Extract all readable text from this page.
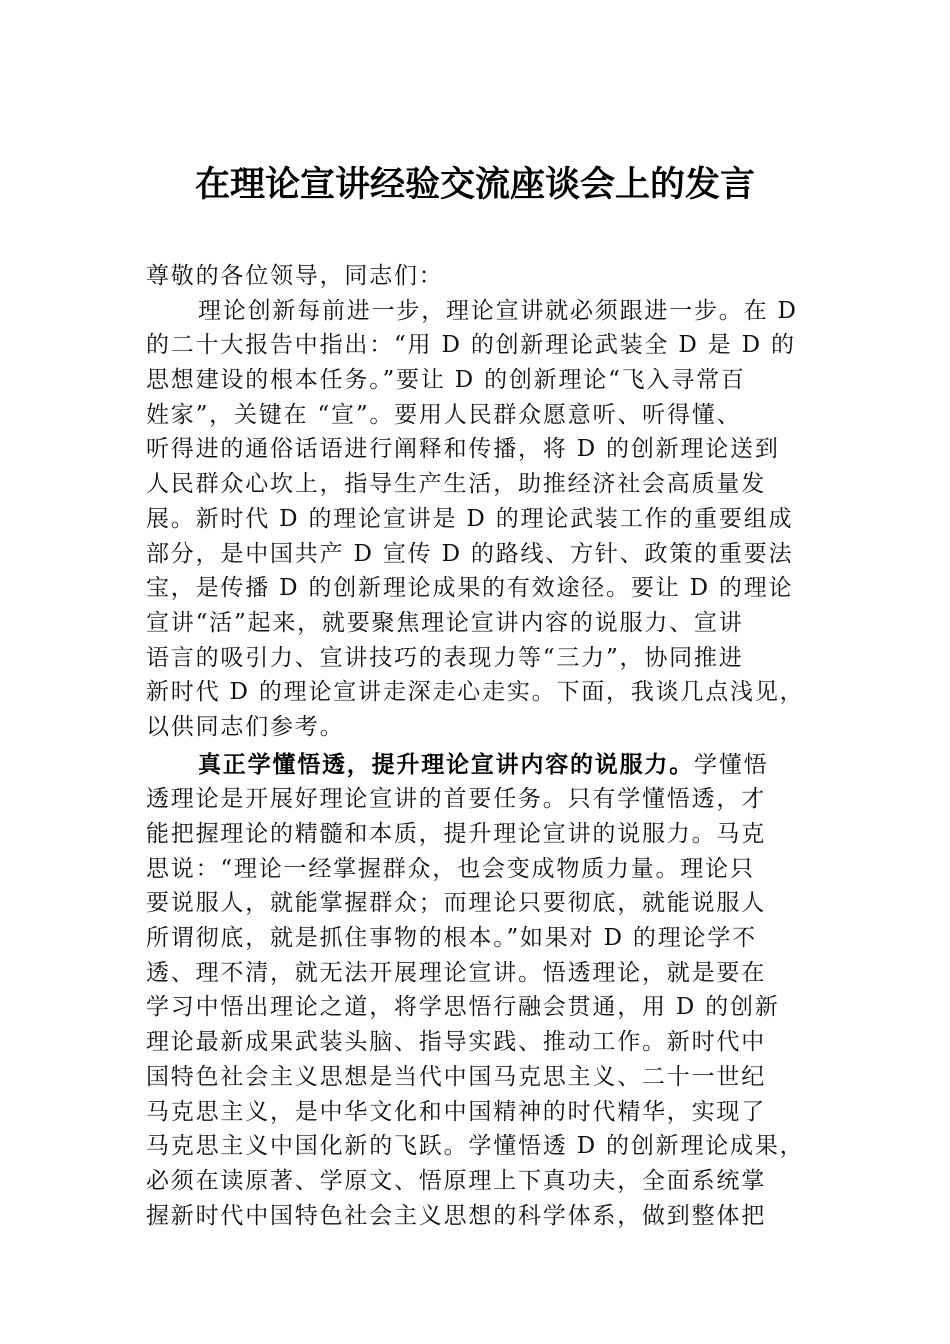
在理论宣讲经验交流座谈会上的发言
尊敬的各位领导，同志们：
理论创新每前进一步，理论宣讲就必须跟进一步。在 D
的二十大报告中指出：“用 D 的创新理论武装全 D 是 D 的
思想建设的根本任务。”要让 D 的创新理论“飞入寻常百
姓家”，关键在 “宣”。要用人民群众愿意听、听得懂、
听得进的通俗话语进行阐释和传播，将 D 的创新理论送到
人民群众心坎上，指导生产生活，助推经济社会高质量发
展。新时代 D 的理论宣讲是 D 的理论武装工作的重要组成
部分，是中国共产 D 宣传 D 的路线、方针、政策的重要法
宝，是传播 D 的创新理论成果的有效途径。要让 D 的理论
宣讲“活”起来，就要聚焦理论宣讲内容的说服力、宣讲
语言的吸引力、宣讲技巧的表现力等“三力”，协同推进
新时代 D 的理论宣讲走深走心走实。下面，我谈几点浅见，
以供同志们参考。
真正学懂悟透，提升理论宣讲内容的说服力。学懂悟
透理论是开展好理论宣讲的首要任务。只有学懂悟透，才
能把握理论的精髓和本质，提升理论宣讲的说服力。马克
思说：“理论一经掌握群众，也会变成物质力量。理论只
要说服人，就能掌握群众；而理论只要彻底，就能说服人
所谓彻底，就是抓住事物的根本。”如果对 D 的理论学不
透、理不清，就无法开展理论宣讲。悟透理论，就是要在
学习中悟出理论之道，将学思悟行融会贯通，用 D 的创新
理论最新成果武装头脑、指导实践、推动工作。新时代中
国特色社会主义思想是当代中国马克思主义、二十一世纪
马克思主义，是中华文化和中国精神的时代精华，实现了
马克思主义中国化新的飞跃。学懂悟透 D 的创新理论成果，
必须在读原著、学原文、悟原理上下真功夫，全面系统掌
握新时代中国特色社会主义思想的科学体系，做到整体把
